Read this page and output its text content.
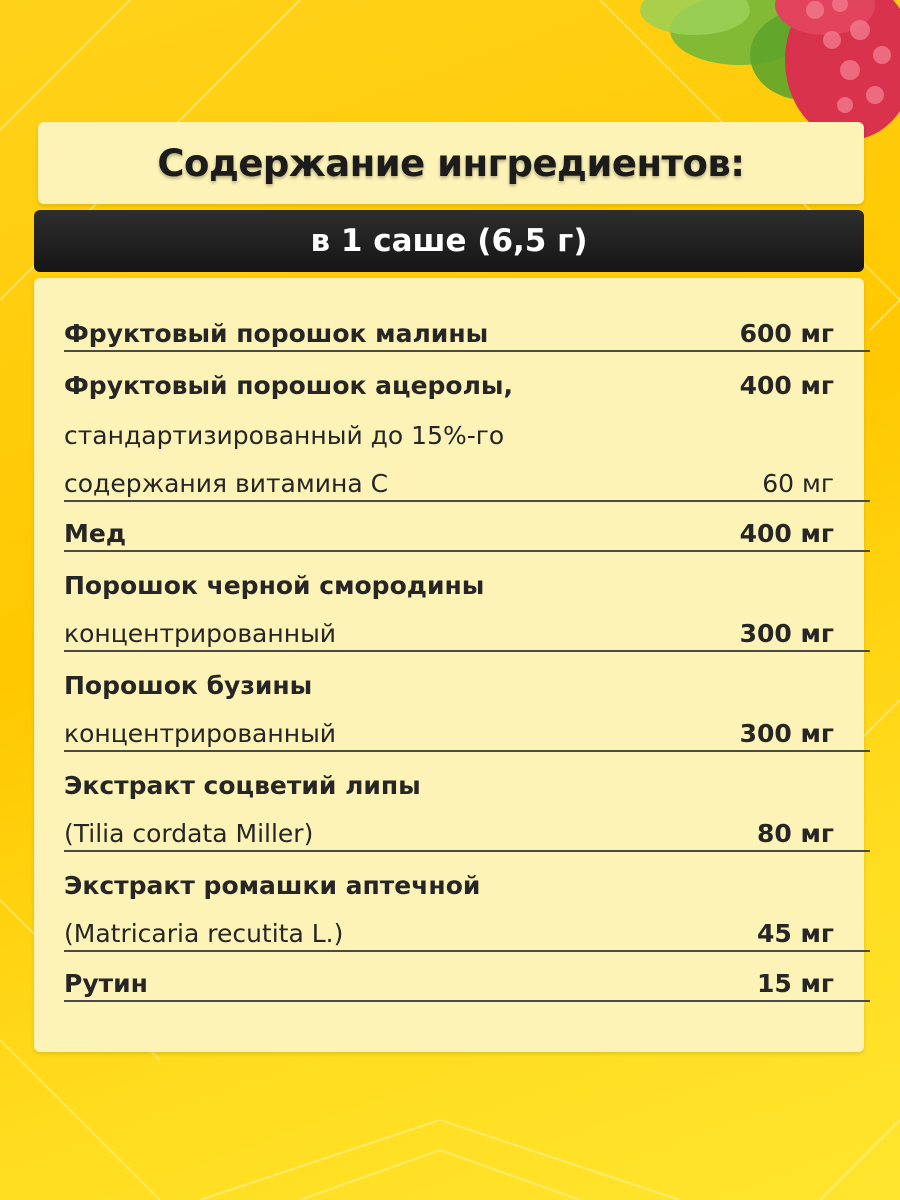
Содержание ингредиентов:
в 1 саше (6,5 г)
Фруктовый порошок малины	600 мг
Фруктовый порошок ацеролы,	400 мг
стандартизированный до 15%-го
содержания витамина С	60 мг
Мед	400 мг
Порошок черной смородины
концентрированный	300 мг
Порошок бузины
концентрированный	300 мг
Экстракт соцветий липы
(Tilia cordata Miller)	80 мг
Экстракт ромашки аптечной
(Matricaria recutita L.)	45 мг
Рутин	15 мг
